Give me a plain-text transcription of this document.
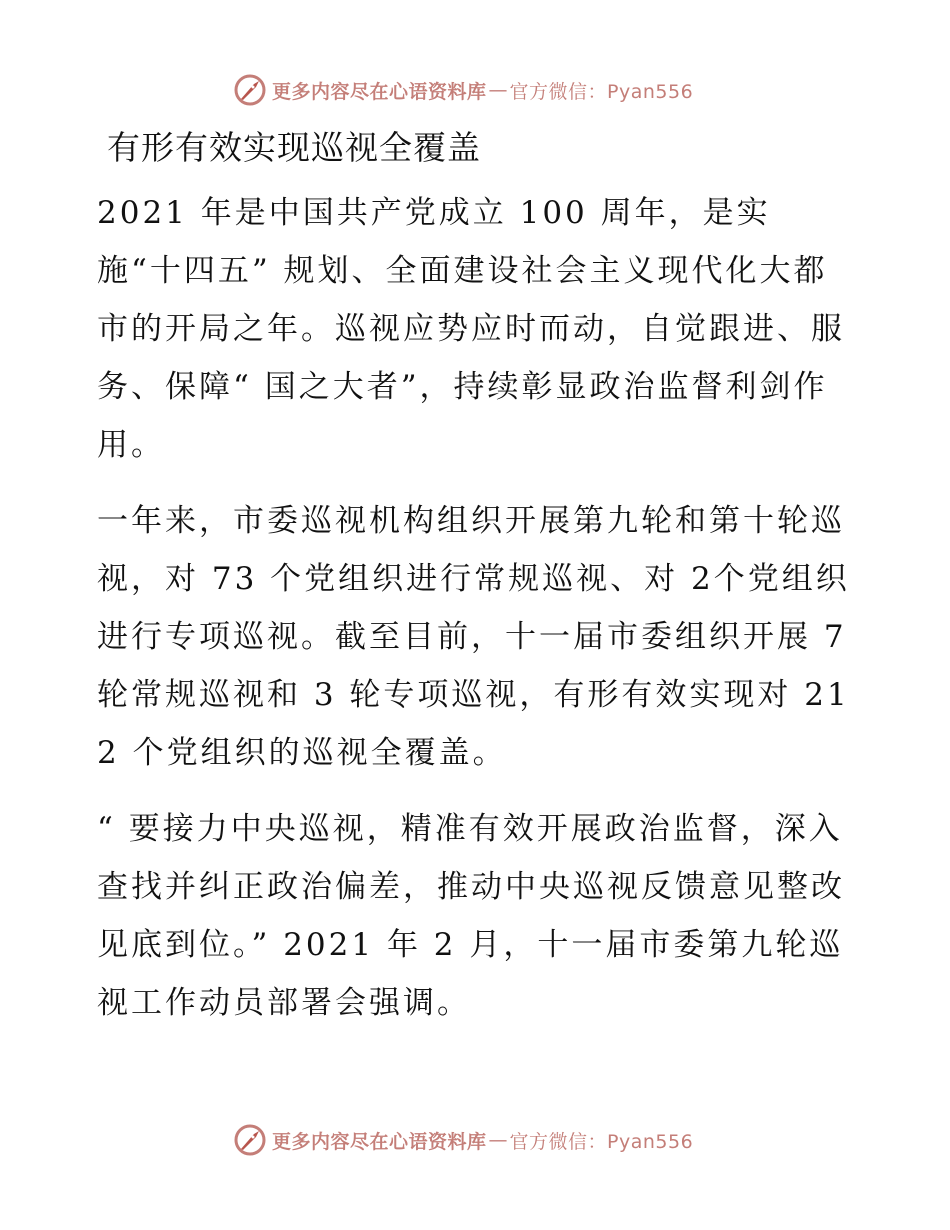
更多内容尽在心语资料库 — 官方微信：Pyan556
有形有效实现巡视全覆盖

2021 年是中国共产党成立 100 周年，是实施“十四五” 规划、全面建设社会主义现代化大都市的开局之年。巡视应势应时而动，自觉跟进、服务、保障“ 国之大者”，持续彰显政治监督利剑作用。

一年来，市委巡视机构组织开展第九轮和第十轮巡视，对 73 个党组织进行常规巡视、对 2个党组织进行专项巡视。截至目前，十一届市委组织开展 7 轮常规巡视和 3 轮专项巡视，有形有效实现对 212 个党组织的巡视全覆盖。

“ 要接力中央巡视，精准有效开展政治监督，深入查找并纠正政治偏差，推动中央巡视反馈意见整改见底到位。” 2021 年 2 月，十一届市委第九轮巡视工作动员部署会强调。

更多内容尽在心语资料库 — 官方微信：Pyan556
